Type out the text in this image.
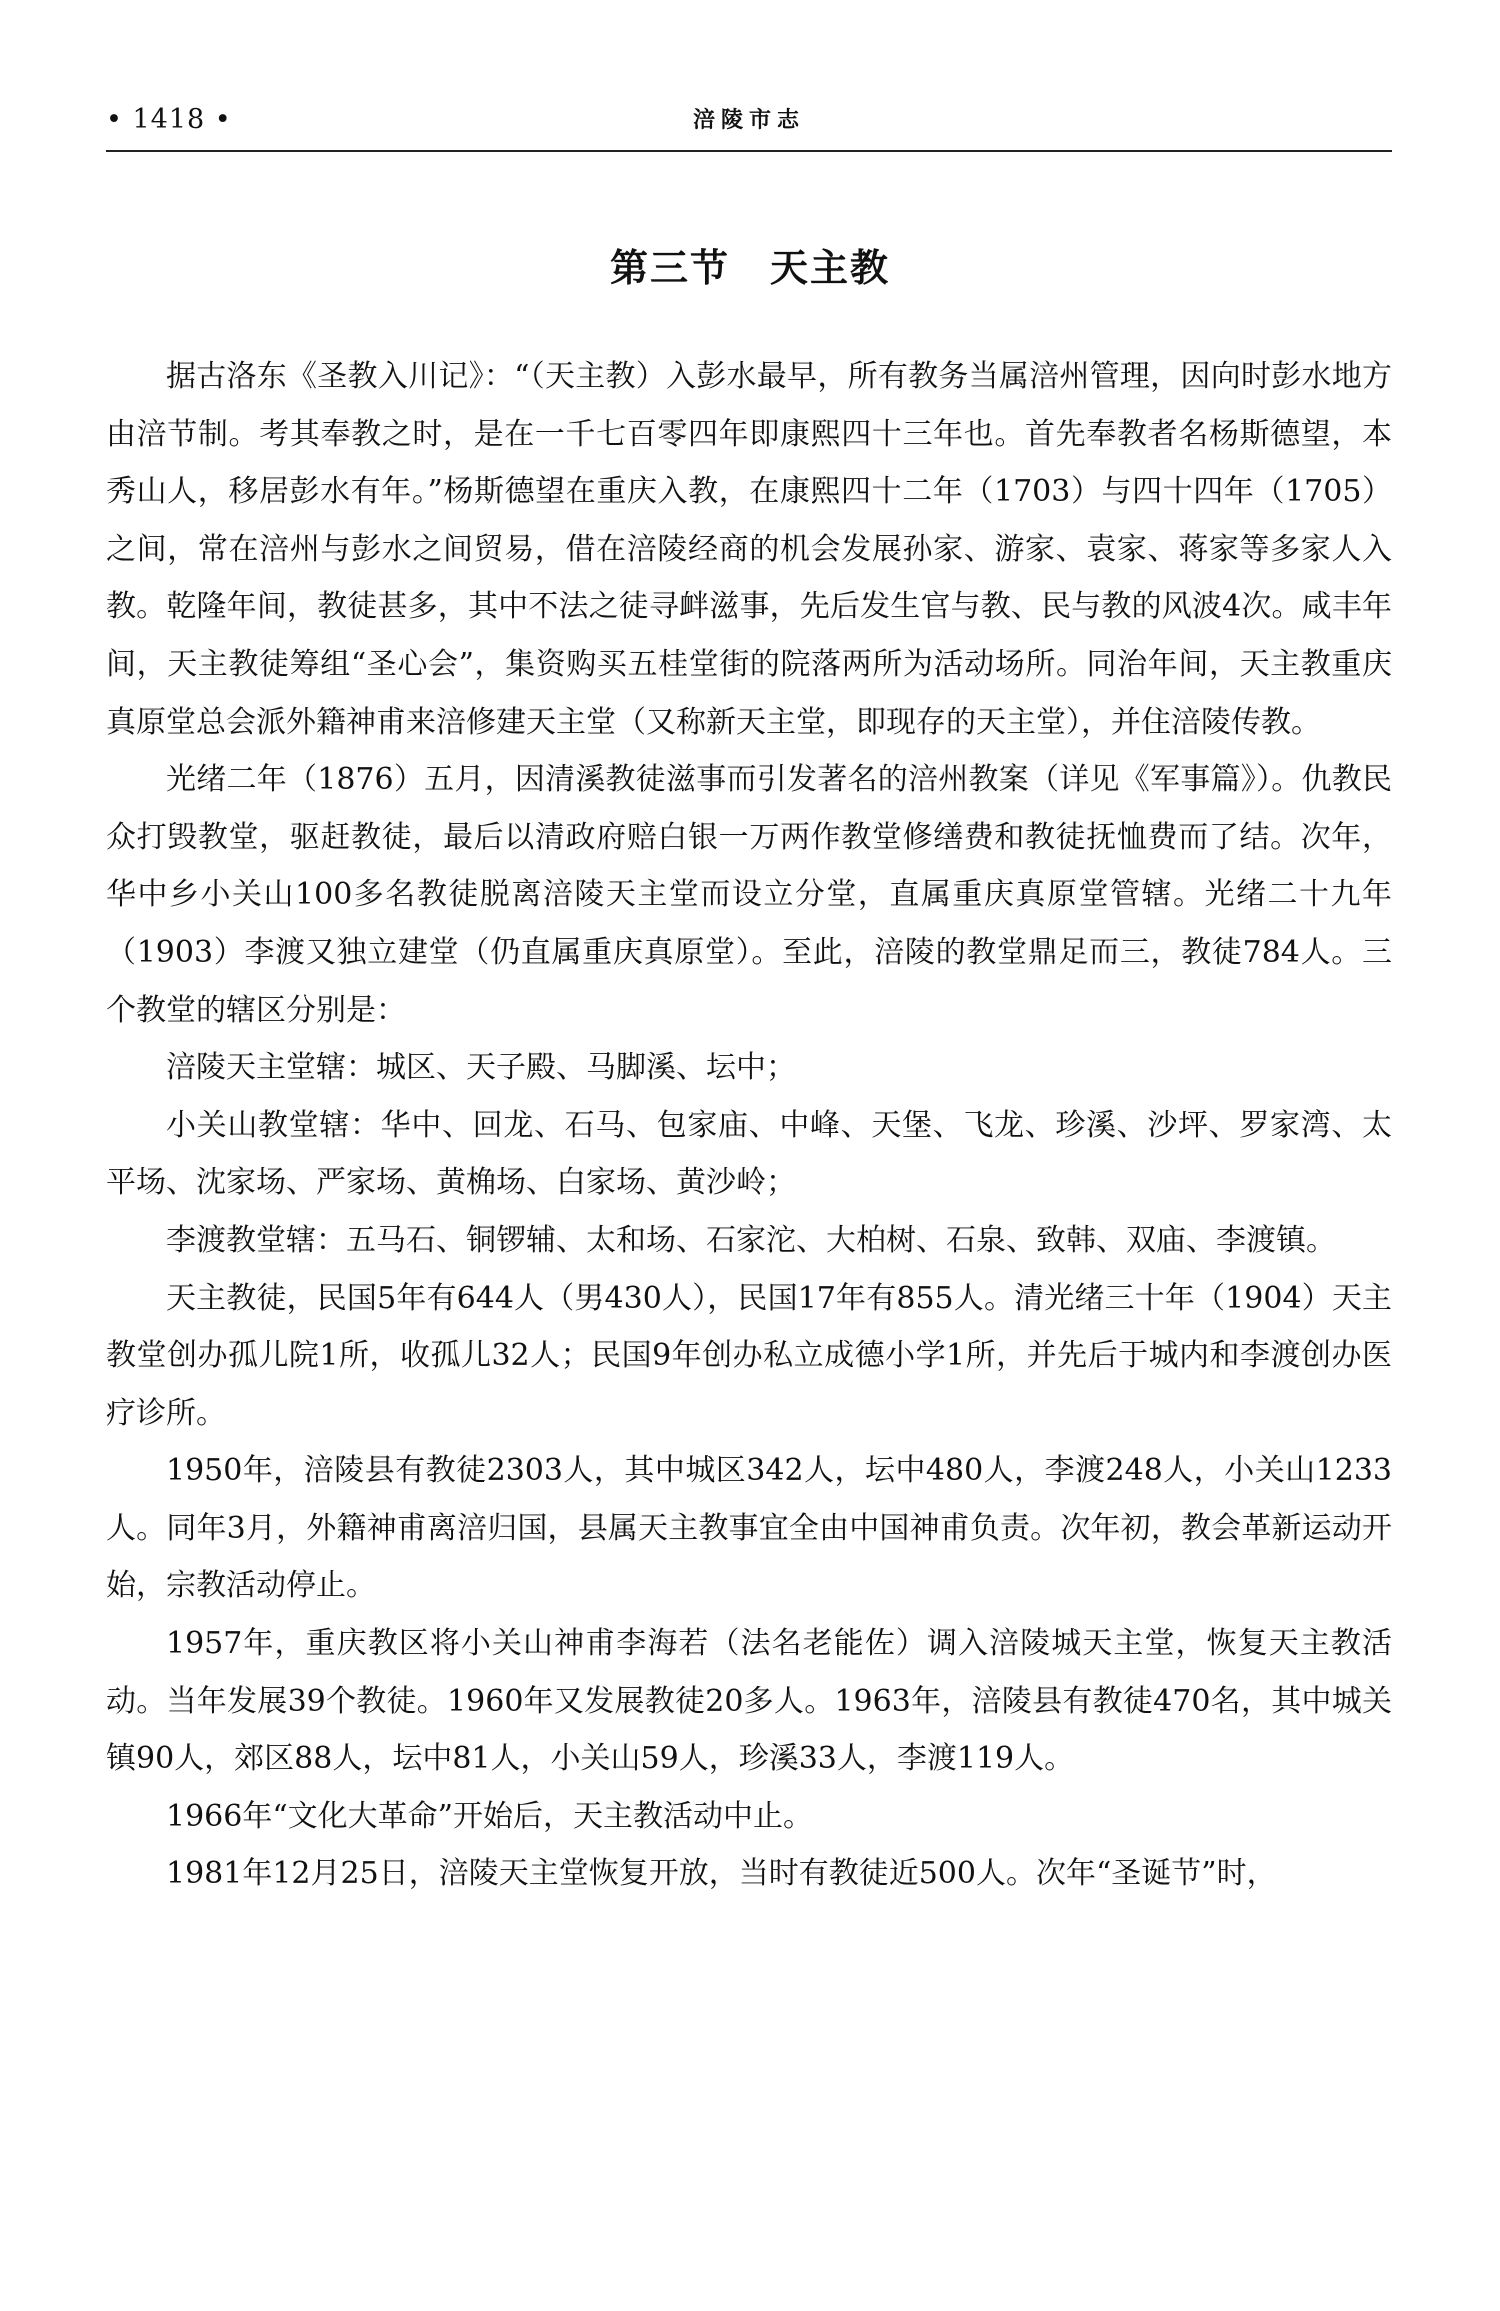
• 1418 •	涪陵市志
第三节　天主教

据古洛东《圣教入川记》：“（天主教）入彭水最早，所有教务当属涪州管理，因向时彭水地方由涪节制。考其奉教之时，是在一千七百零四年即康熙四十三年也。首先奉教者名杨斯德望，本秀山人，移居彭水有年。”杨斯德望在重庆入教，在康熙四十二年（1703）与四十四年（1705）之间，常在涪州与彭水之间贸易，借在涪陵经商的机会发展孙家、游家、袁家、蒋家等多家人入教。乾隆年间，教徒甚多，其中不法之徒寻衅滋事，先后发生官与教、民与教的风波4次。咸丰年间，天主教徒筹组“圣心会”，集资购买五桂堂街的院落两所为活动场所。同治年间，天主教重庆真原堂总会派外籍神甫来涪修建天主堂（又称新天主堂，即现存的天主堂），并住涪陵传教。

光绪二年（1876）五月，因清溪教徒滋事而引发著名的涪州教案（详见《军事篇》）。仇教民众打毁教堂，驱赶教徒，最后以清政府赔白银一万两作教堂修缮费和教徒抚恤费而了结。次年，华中乡小关山100多名教徒脱离涪陵天主堂而设立分堂，直属重庆真原堂管辖。光绪二十九年（1903）李渡又独立建堂（仍直属重庆真原堂）。至此，涪陵的教堂鼎足而三，教徒784人。三个教堂的辖区分别是：

涪陵天主堂辖：城区、天子殿、马脚溪、坛中；

小关山教堂辖：华中、回龙、石马、包家庙、中峰、天堡、飞龙、珍溪、沙坪、罗家湾、太平场、沈家场、严家场、黄桷场、白家场、黄沙岭；

李渡教堂辖：五马石、铜锣辅、太和场、石家沱、大柏树、石泉、致韩、双庙、李渡镇。

天主教徒，民国5年有644人（男430人），民国17年有855人。清光绪三十年（1904）天主教堂创办孤儿院1所，收孤儿32人；民国9年创办私立成德小学1所，并先后于城内和李渡创办医疗诊所。

1950年，涪陵县有教徒2303人，其中城区342人，坛中480人，李渡248人，小关山1233人。同年3月，外籍神甫离涪归国，县属天主教事宜全由中国神甫负责。次年初，教会革新运动开始，宗教活动停止。

1957年，重庆教区将小关山神甫李海若（法名老能佐）调入涪陵城天主堂，恢复天主教活动。当年发展39个教徒。1960年又发展教徒20多人。1963年，涪陵县有教徒470名，其中城关镇90人，郊区88人，坛中81人，小关山59人，珍溪33人，李渡119人。

1966年“文化大革命”开始后，天主教活动中止。

1981年12月25日，涪陵天主堂恢复开放，当时有教徒近500人。次年“圣诞节”时，
